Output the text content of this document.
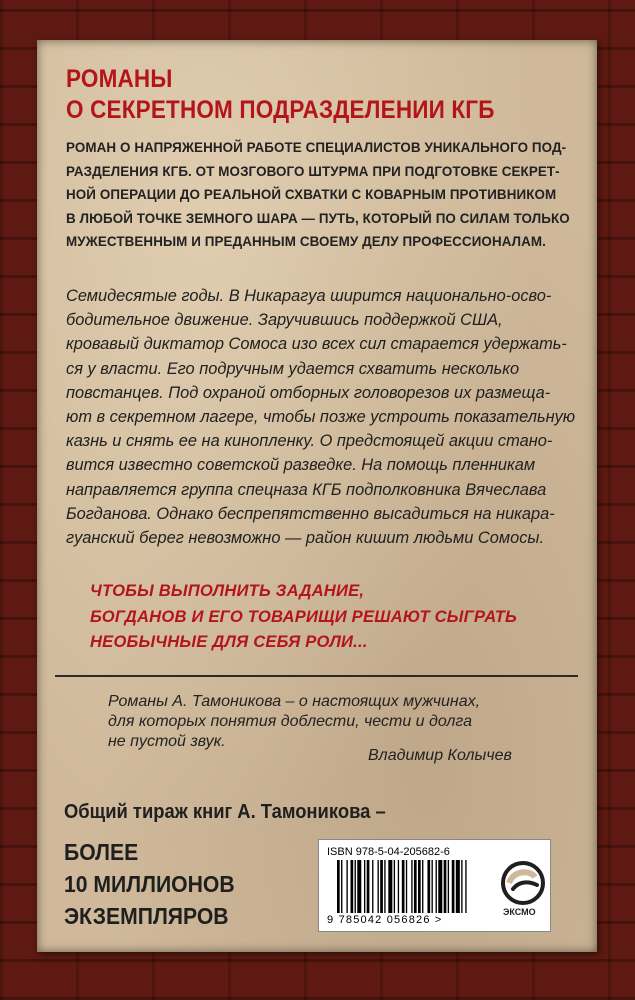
РОМАНЫ
О СЕКРЕТНОМ ПОДРАЗДЕЛЕНИИ КГБ
РОМАН О НАПРЯЖЕННОЙ РАБОТЕ СПЕЦИАЛИСТОВ УНИКАЛЬНОГО ПОД-
РАЗДЕЛЕНИЯ КГБ. ОТ МОЗГОВОГО ШТУРМА ПРИ ПОДГОТОВКЕ СЕКРЕТ-
НОЙ ОПЕРАЦИИ ДО РЕАЛЬНОЙ СХВАТКИ С КОВАРНЫМ ПРОТИВНИКОМ
В ЛЮБОЙ ТОЧКЕ ЗЕМНОГО ШАРА — ПУТЬ, КОТОРЫЙ ПО СИЛАМ ТОЛЬКО
МУЖЕСТВЕННЫМ И ПРЕДАННЫМ СВОЕМУ ДЕЛУ ПРОФЕССИОНАЛАМ.
Семидесятые годы. В Никарагуа ширится национально-осво-
бодительное движение. Заручившись поддержкой США,
кровавый диктатор Сомоса изо всех сил старается удержать-
ся у власти. Его подручным удается схватить несколько
повстанцев. Под охраной отборных головорезов их размеща-
ют в секретном лагере, чтобы позже устроить показательную
казнь и снять ее на кинопленку. О предстоящей акции стано-
вится известно советской разведке. На помощь пленникам
направляется группа спецназа КГБ подполковника Вячеслава
Богданова. Однако беспрепятственно высадиться на никара-
гуанский берег невозможно — район кишит людьми Сомосы.
ЧТОБЫ ВЫПОЛНИТЬ ЗАДАНИЕ,
БОГДАНОВ И ЕГО ТОВАРИЩИ РЕШАЮТ СЫГРАТЬ
НЕОБЫЧНЫЕ ДЛЯ СЕБЯ РОЛИ...
Романы А. Тамоникова – о настоящих мужчинах,
для которых понятия доблести, чести и долга
не пустой звук.
Владимир Колычев
Общий тираж книг А. Тамоникова –
БОЛЕЕ
10 МИЛЛИОНОВ
ЭКЗЕМПЛЯРОВ
ISBN 978-5-04-205682-6
9 785042 056826 >
ЭКСМО
